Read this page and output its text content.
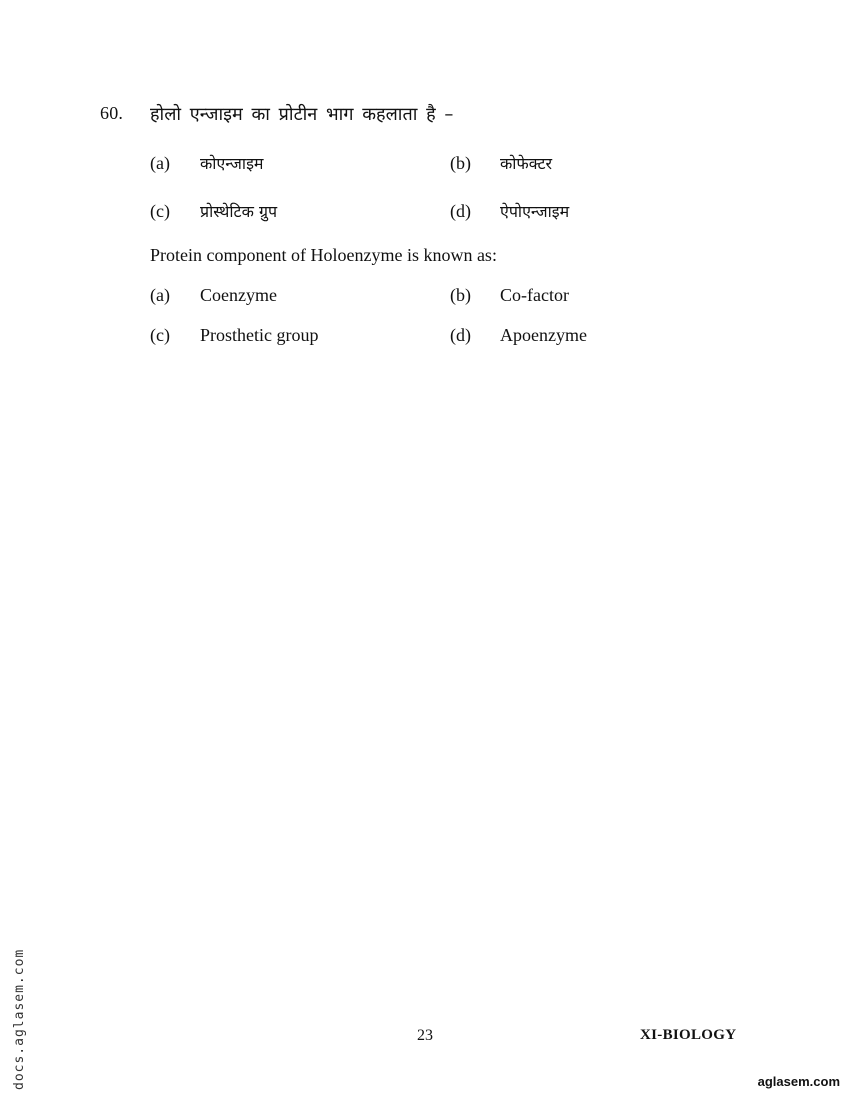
60. होलो एन्जाइम का प्रोटीन भाग कहलाता है –
(a) कोएन्जाइम	(b) कोफेक्टर
(c) प्रोस्थेटिक ग्रुप	(d) ऐपोएन्जाइम
Protein component of Holoenzyme is known as:
(a) Coenzyme	(b) Co-factor
(c) Prosthetic group	(d) Apoenzyme
23	XI-BIOLOGY
docs.aglasem.com	aglasem.com
